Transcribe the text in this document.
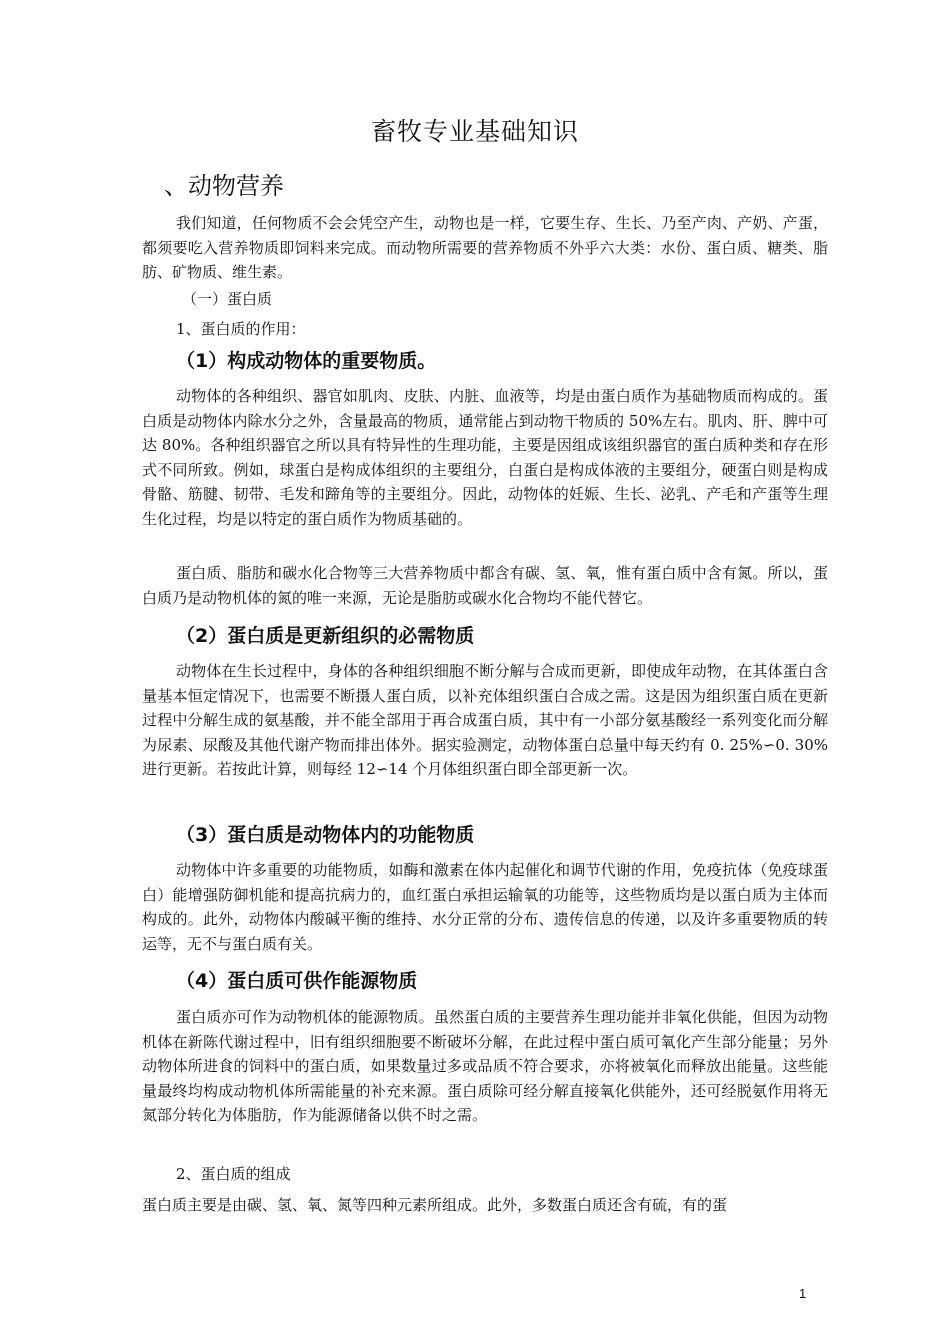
畜牧专业基础知识
、动物营养

我们知道，任何物质不会会凭空产生，动物也是一样，它要生存、生长、乃至产肉、产奶、产蛋，都须要吃入营养物质即饲料来完成。而动物所需要的营养物质不外乎六大类：水份、蛋白质、糖类、脂肪、矿物质、维生素。

（一）蛋白质
1、蛋白质的作用：
（1）构成动物体的重要物质。

动物体的各种组织、器官如肌肉、皮肤、内脏、血液等，均是由蛋白质作为基础物质而构成的。蛋白质是动物体内除水分之外，含量最高的物质，通常能占到动物干物质的 50%左右。肌肉、肝、脾中可达 80%。各种组织器官之所以具有特异性的生理功能，主要是因组成该组织器官的蛋白质种类和存在形式不同所致。例如，球蛋白是构成体组织的主要组分，白蛋白是构成体液的主要组分，硬蛋白则是构成骨骼、筋腱、韧带、毛发和蹄角等的主要组分。因此，动物体的妊娠、生长、泌乳、产毛和产蛋等生理生化过程，均是以特定的蛋白质作为物质基础的。

蛋白质、脂肪和碳水化合物等三大营养物质中都含有碳、氢、氧，惟有蛋白质中含有氮。所以，蛋白质乃是动物机体的氮的唯一来源，无论是脂肪或碳水化合物均不能代替它。

（2）蛋白质是更新组织的必需物质

动物体在生长过程中，身体的各种组织细胞不断分解与合成而更新，即使成年动物，在其体蛋白含量基本恒定情况下，也需要不断摄人蛋白质，以补充体组织蛋白合成之需。这是因为组织蛋白质在更新过程中分解生成的氨基酸，并不能全部用于再合成蛋白质，其中有一小部分氨基酸经一系列变化而分解为尿素、尿酸及其他代谢产物而排出体外。据实验测定，动物体蛋白总量中每天约有 0. 25%∽0. 30%进行更新。若按此计算，则每经 12∽14 个月体组织蛋白即全部更新一次。

（3）蛋白质是动物体内的功能物质

动物体中许多重要的功能物质，如酶和激素在体内起催化和调节代谢的作用，免疫抗体（免疫球蛋白）能增强防御机能和提高抗病力的，血红蛋白承担运输氧的功能等，这些物质均是以蛋白质为主体而构成的。此外，动物体内酸碱平衡的维持、水分正常的分布、遗传信息的传递，以及许多重要物质的转运等，无不与蛋白质有关。

（4）蛋白质可供作能源物质

蛋白质亦可作为动物机体的能源物质。虽然蛋白质的主要营养生理功能并非氧化供能，但因为动物机体在新陈代谢过程中，旧有组织细胞要不断破坏分解，在此过程中蛋白质可氧化产生部分能量；另外动物体所进食的饲料中的蛋白质，如果数量过多或品质不符合要求，亦将被氧化而释放出能量。这些能量最终均构成动物机体所需能量的补充来源。蛋白质除可经分解直接氧化供能外，还可经脱氨作用将无氮部分转化为体脂肪，作为能源储备以供不时之需。

2、蛋白质的组成

蛋白质主要是由碳、氢、氧、氮等四种元素所组成。此外，多数蛋白质还含有硫，有的蛋

1
